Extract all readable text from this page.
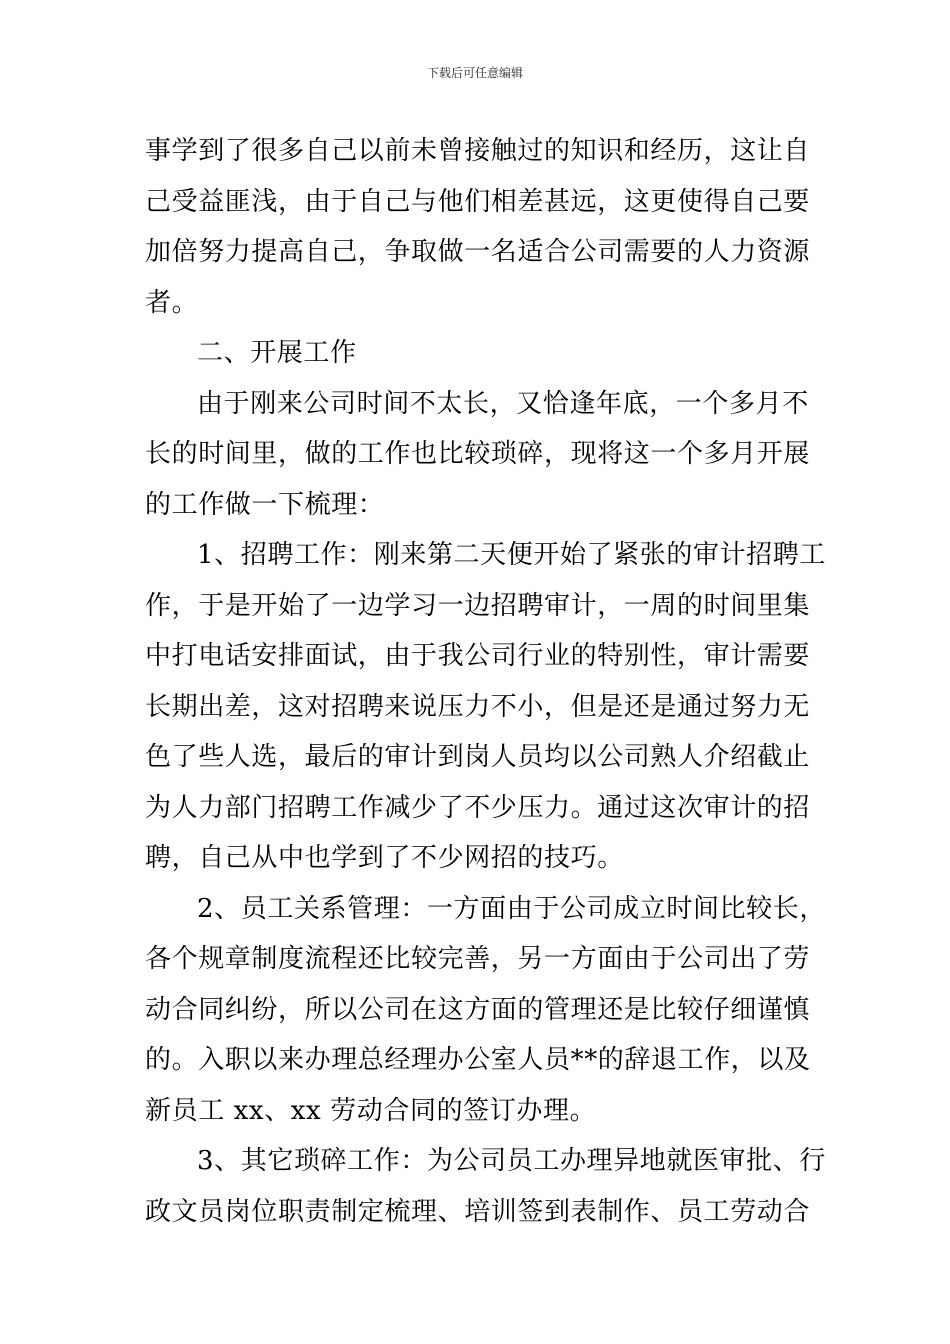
下载后可任意编辑
事学到了很多自己以前未曾接触过的知识和经历，这让自
己受益匪浅，由于自己与他们相差甚远，这更使得自己要
加倍努力提高自己，争取做一名适合公司需要的人力资源
者。
二、开展工作
由于刚来公司时间不太长，又恰逢年底，一个多月不
长的时间里，做的工作也比较琐碎，现将这一个多月开展
的工作做一下梳理：
1、招聘工作：刚来第二天便开始了紧张的审计招聘工
作，于是开始了一边学习一边招聘审计，一周的时间里集
中打电话安排面试，由于我公司行业的特别性，审计需要
长期出差，这对招聘来说压力不小，但是还是通过努力无
色了些人选，最后的审计到岗人员均以公司熟人介绍截止
为人力部门招聘工作减少了不少压力。通过这次审计的招
聘，自己从中也学到了不少网招的技巧。
2、员工关系管理：一方面由于公司成立时间比较长，
各个规章制度流程还比较完善，另一方面由于公司出了劳
动合同纠纷，所以公司在这方面的管理还是比较仔细谨慎
的。入职以来办理总经理办公室人员**的辞退工作，以及
新员工 xx、xx 劳动合同的签订办理。
3、其它琐碎工作：为公司员工办理异地就医审批、行
政文员岗位职责制定梳理、培训签到表制作、员工劳动合
